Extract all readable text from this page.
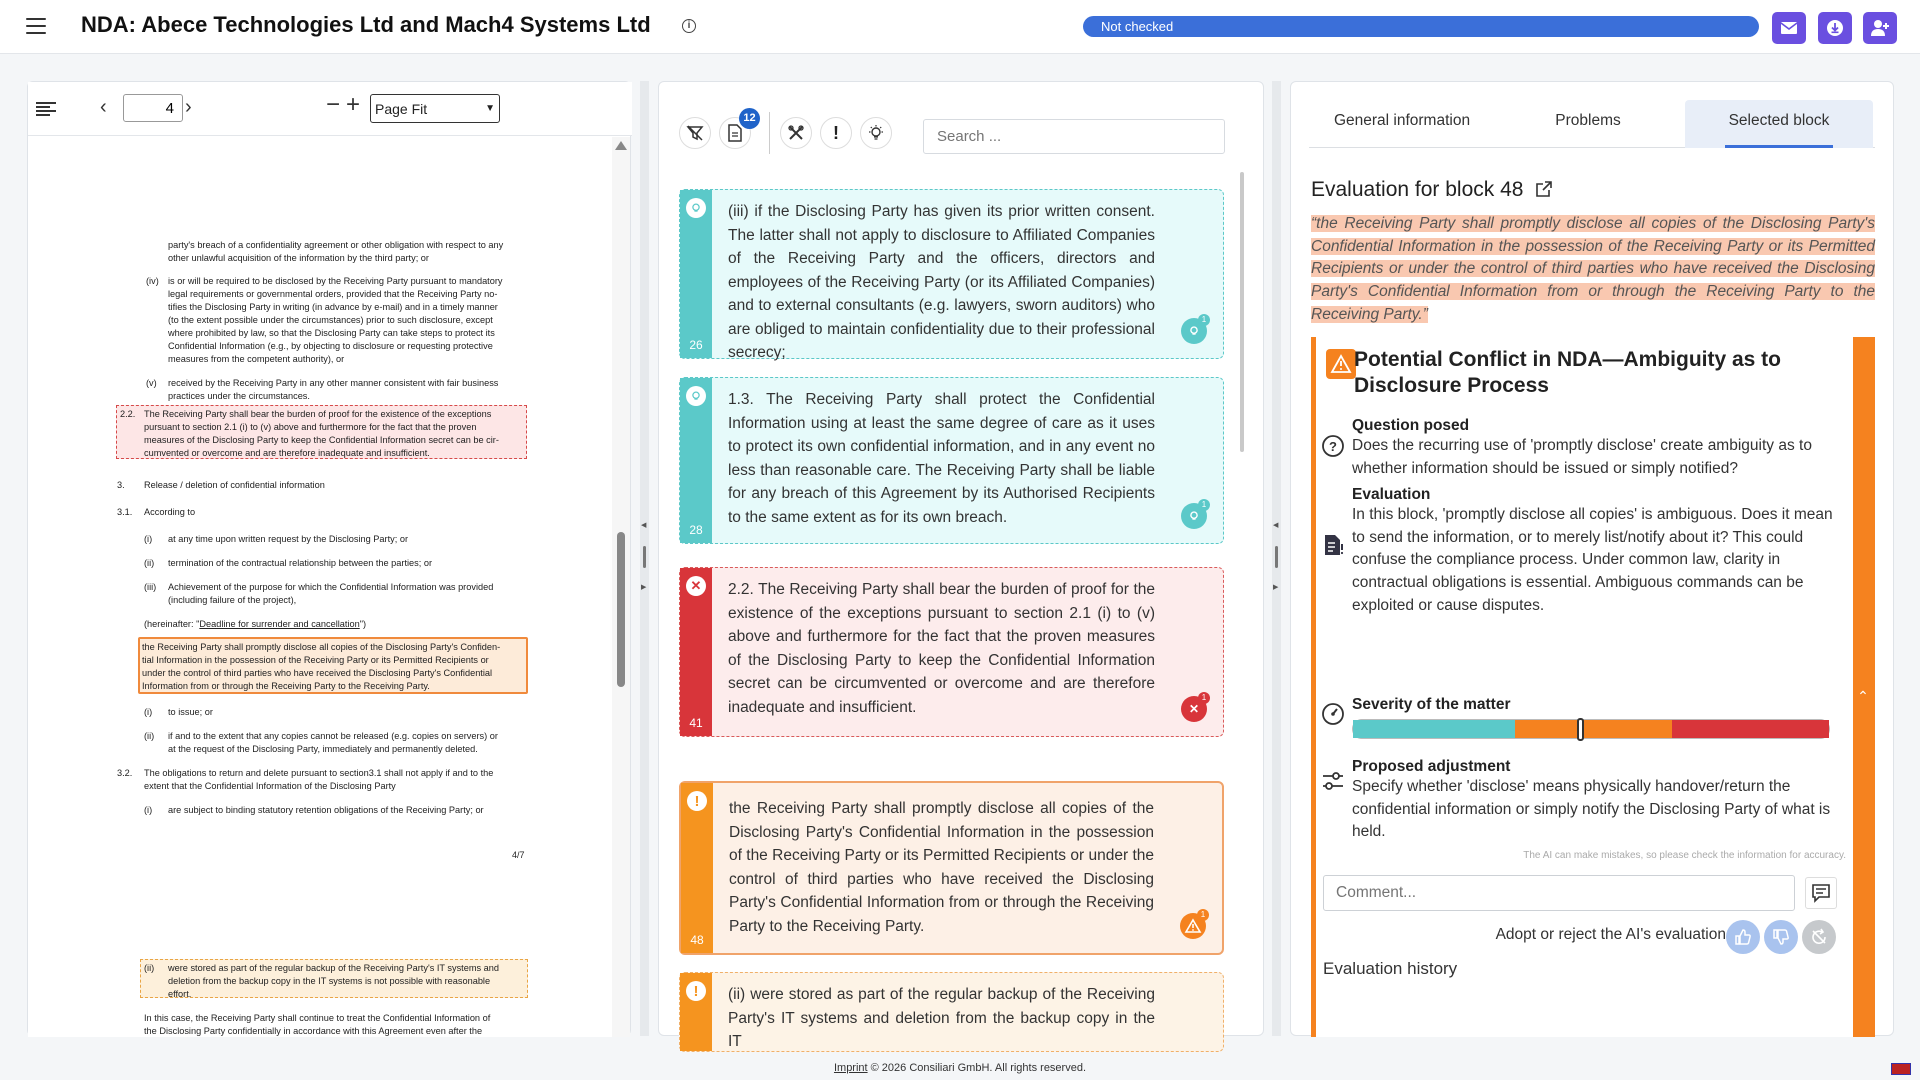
NDA: Abece Technologies Ltd and Mach4 Systems Ltd	i	Not checked
‹
4	›	− + Page Fit	▼
party's breach of a confidentiality agreement or other obligation with respect to any
other unlawful acquisition of the information by the third party; or
(iv) is or will be required to be disclosed by the Receiving Party pursuant to mandatory
legal requirements or governmental orders, provided that the Receiving Party no-
tifies the Disclosing Party in writing (in advance by e-mail) and in a timely manner
(to the extent possible under the circumstances) prior to such disclosure, except
where prohibited by law, so that the Disclosing Party can take steps to protect its
Confidential Information (e.g., by objecting to disclosure or requesting protective
measures from the competent authority), or
(v) received by the Receiving Party in any other manner consistent with fair business
practices under the circumstances.
2.2. The Receiving Party shall bear the burden of proof for the existence of the exceptions
pursuant to section 2.1 (i) to (v) above and furthermore for the fact that the proven
measures of the Disclosing Party to keep the Confidential Information secret can be cir-
cumvented or overcome and are therefore inadequate and insufficient.
3. Release / deletion of confidential information
3.1. According to
(i) at any time upon written request by the Disclosing Party; or
(ii) termination of the contractual relationship between the parties; or
(iii) Achievement of the purpose for which the Confidential Information was provided
(including failure of the project),
(hereinafter: "Deadline for surrender and cancellation")
the Receiving Party shall promptly disclose all copies of the Disclosing Party's Confiden-
tial Information in the possession of the Receiving Party or its Permitted Recipients or
under the control of third parties who have received the Disclosing Party's Confidential
Information from or through the Receiving Party to the Receiving Party.
(i) to issue; or
(ii) if and to the extent that any copies cannot be released (e.g. copies on servers) or
at the request of the Disclosing Party, immediately and permanently deleted.
3.2. The obligations to return and delete pursuant to section3.1 shall not apply if and to the
extent that the Confidential Information of the Disclosing Party
(i) are subject to binding statutory retention obligations of the Receiving Party; or
4/7
(ii) were stored as part of the regular backup of the Receiving Party's IT systems and
deletion from the backup copy in the IT systems is not possible with reasonable
effort.
In this case, the Receiving Party shall continue to treat the Confidential Information of
the Disclosing Party confidentially in accordance with this Agreement even after the
◀
▶
◀
▶
12
!
Search ...
(iii) if the Disclosing Party has given its prior written consent. The latter shall not apply to disclosure to Affiliated Companies of the Receiving Party and the officers, directors and employees of the Receiving Party (or its Affiliated Companies) and to external consultants (e.g. lawyers, sworn auditors) who are obliged to maintain confidentiality due to their professional secrecy;
26
1
1.3. The Receiving Party shall protect the Confidential Information using at least the same degree of care as it uses to protect its own confidential information, and in any event no less than reasonable care. The Receiving Party shall be liable for any breach of this Agreement by its Authorised Recipients to the same extent as for its own breach.
28
1
✕ 2.2. The Receiving Party shall bear the burden of proof for the existence of the exceptions pursuant to section 2.1 (i) to (v) above and furthermore for the fact that the proven measures of the Disclosing Party to keep the Confidential Information secret can be circumvented or overcome and are therefore inadequate and insufficient.
41
✕
1
! the Receiving Party shall promptly disclose all copies of the Disclosing Party's Confidential Information in the possession of the Receiving Party or its Permitted Recipients or under the control of third parties who have received the Disclosing Party's Confidential Information from or through the Receiving Party to the Receiving Party.
48
1
! (ii) were stored as part of the regular backup of the Receiving Party's IT systems and deletion from the backup copy in the IT
General information	Problems	Selected block
Evaluation for block 48
“the Receiving Party shall promptly disclose all copies of the Disclosing Party's Confidential Information in the possession of the Receiving Party or its Permitted Recipients or under the control of third parties who have received the Disclosing Party's Confidential Information from or through the Receiving Party to the Receiving Party.”
Potential Conflict in NDA—Ambiguity as to Disclosure Process
?
Question posed
Does the recurring use of 'promptly disclose' create ambiguity as to whether information should be issued or simply notified?
Evaluation
In this block, 'promptly disclose all copies' is ambiguous. Does it mean to send the information, or to merely list/notify about it? This could confuse the compliance process. Under common law, clarity in contractual obligations is essential. Ambiguous commands can be exploited or cause disputes.
Severity of the matter
Proposed adjustment
Specify whether 'disclose' means physically handover/return the confidential information or simply notify the Disclosing Party of what is held.
The AI can make mistakes, so please check the information for accuracy.
Comment...
Adopt or reject the AI's evaluation
Evaluation history
⌃
Imprint © 2026 Consiliari GmbH. All rights reserved.
